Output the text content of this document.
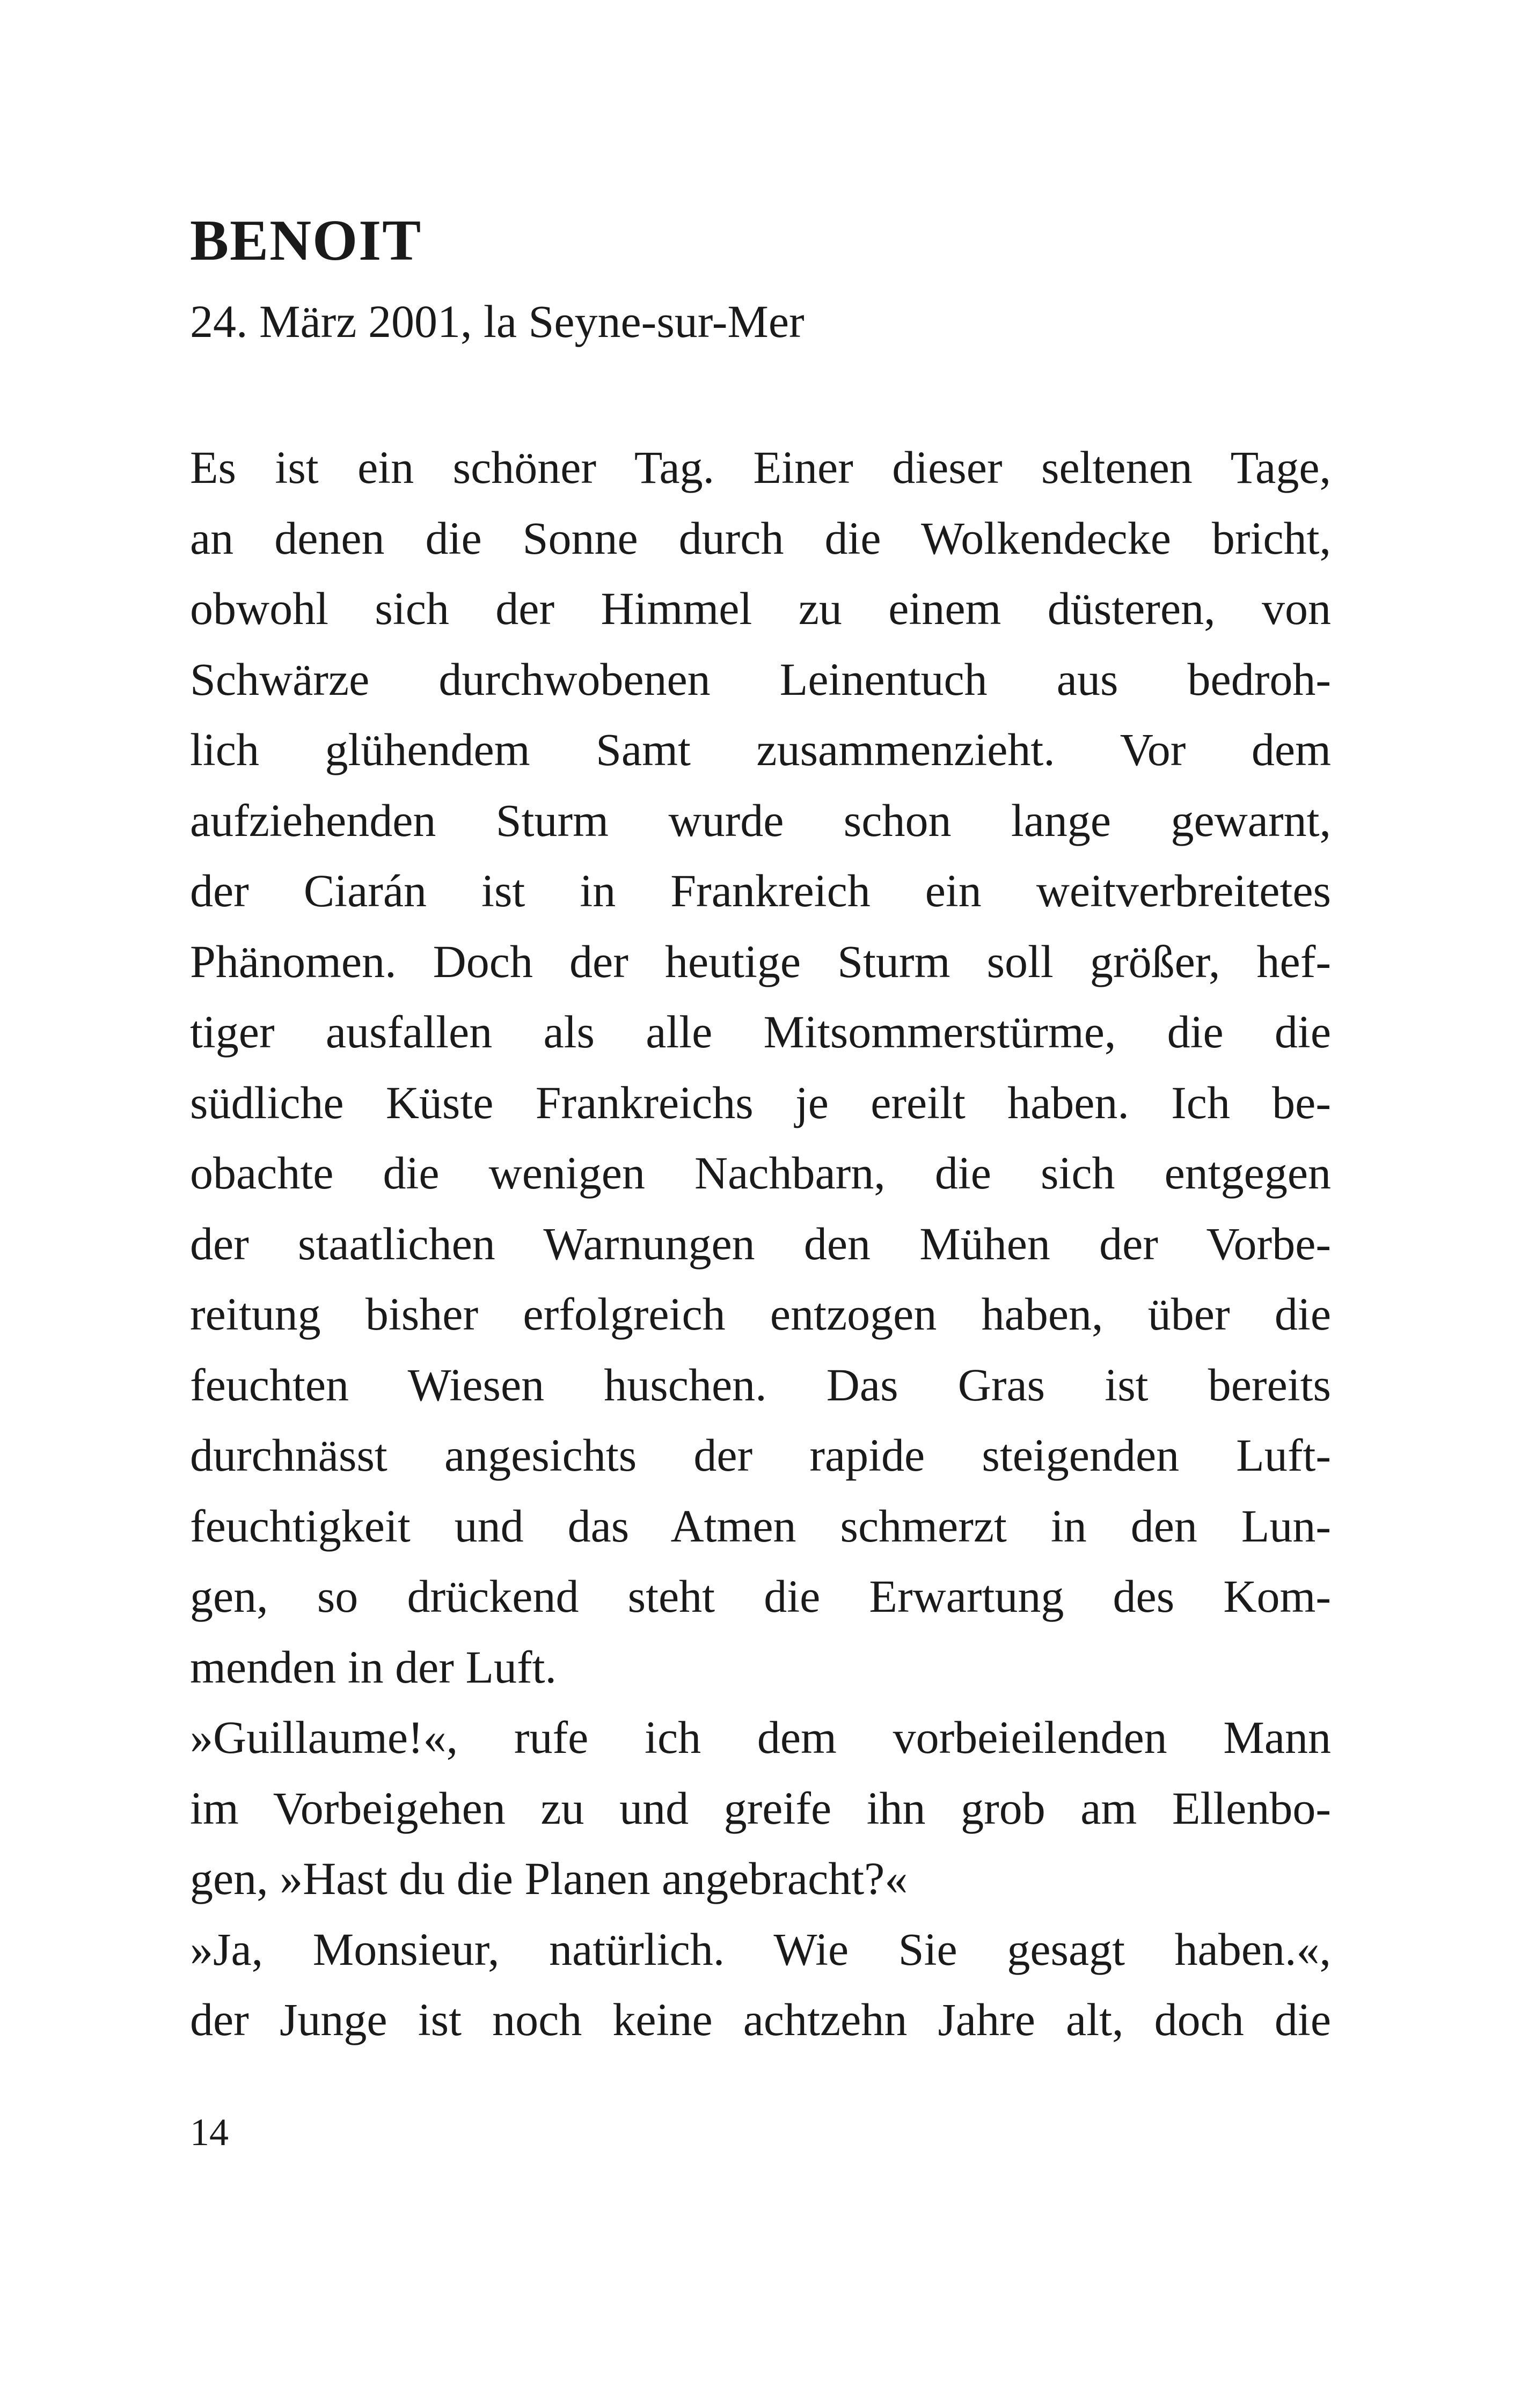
BENOIT

24. März 2001, la Seyne-sur-Mer

Es ist ein schöner Tag. Einer dieser seltenen Tage,
an denen die Sonne durch die Wolkendecke bricht,
obwohl sich der Himmel zu einem düsteren, von
Schwärze durchwobenen Leinentuch aus bedroh-
lich glühendem Samt zusammenzieht. Vor dem
aufziehenden Sturm wurde schon lange gewarnt,
der Ciarán ist in Frankreich ein weitverbreitetes
Phänomen. Doch der heutige Sturm soll größer, hef-
tiger ausfallen als alle Mitsommerstürme, die die
südliche Küste Frankreichs je ereilt haben. Ich be-
obachte die wenigen Nachbarn, die sich entgegen
der staatlichen Warnungen den Mühen der Vorbe-
reitung bisher erfolgreich entzogen haben, über die
feuchten Wiesen huschen. Das Gras ist bereits
durchnässt angesichts der rapide steigenden Luft-
feuchtigkeit und das Atmen schmerzt in den Lun-
gen, so drückend steht die Erwartung des Kom-
menden in der Luft.
»Guillaume!«, rufe ich dem vorbeieilenden Mann
im Vorbeigehen zu und greife ihn grob am Ellenbo-
gen, »Hast du die Planen angebracht?«
»Ja, Monsieur, natürlich. Wie Sie gesagt haben.«,
der Junge ist noch keine achtzehn Jahre alt, doch die

14
